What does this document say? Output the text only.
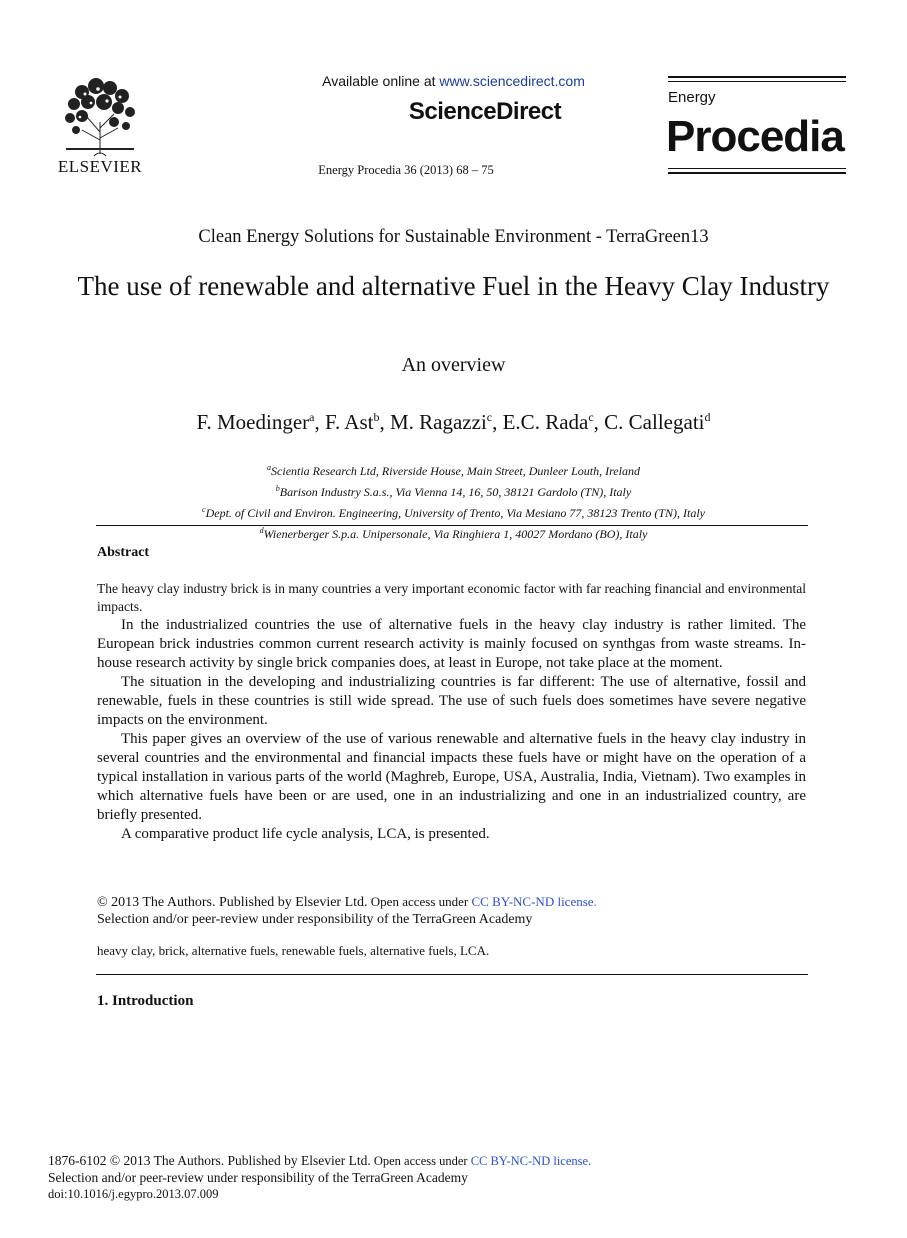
ELSEVIER
Available online at www.sciencedirect.com
ScienceDirect
Energy Procedia 36 (2013) 68 – 75
Energy
Procedia
Clean Energy Solutions for Sustainable Environment - TerraGreen13
The use of renewable and alternative Fuel in the Heavy Clay Industry
An overview
F. Moedinger$^a$, F. Ast$^b$, M. Ragazzi$^c$, E.C. Rada$^c$, C. Callegati$^d$
$^a$Scientia Research Ltd, Riverside House, Main Street, Dunleer Louth, Ireland
$^b$Barison Industry S.a.s., Via Vienna 14, 16, 50, 38121 Gardolo (TN), Italy
$^c$Dept. of Civil and Environ. Engineering, University of Trento, Via Mesiano 77, 38123 Trento (TN), Italy
$^d$Wienerberger S.p.a. Unipersonale, Via Ringhiera 1, 40027 Mordano (BO), Italy
Abstract

The heavy clay industry brick is in many countries a very important economic factor with far reaching financial and environmental impacts.

In the industrialized countries the use of alternative fuels in the heavy clay industry is rather limited. The European brick industries common current research activity is mainly focused on synthgas from waste streams. In-house research activity by single brick companies does, at least in Europe, not take place at the moment.

The situation in the developing and industrializing countries is far different: The use of alternative, fossil and renewable, fuels in these countries is still wide spread. The use of such fuels does sometimes have severe negative impacts on the environment.

This paper gives an overview of the use of various renewable and alternative fuels in the heavy clay industry in several countries and the environmental and financial impacts these fuels have or might have on the operation of a typical installation in various parts of the world (Maghreb, Europe, USA, Australia, India, Vietnam). Two examples in which alternative fuels have been or are used, one in an industrializing and one in an industrialized country, are briefly presented.

A comparative product life cycle analysis, LCA, is presented.

© 2013 The Authors. Published by Elsevier Ltd. Open access under CC BY-NC-ND license.
Selection and/or peer-review under responsibility of the TerraGreen Academy
heavy clay, brick, alternative fuels, renewable fuels, alternative fuels, LCA.
1. Introduction
1876-6102 © 2013 The Authors. Published by Elsevier Ltd. Open access under CC BY-NC-ND license.
Selection and/or peer-review under responsibility of the TerraGreen Academy
doi:10.1016/j.egypro.2013.07.009
